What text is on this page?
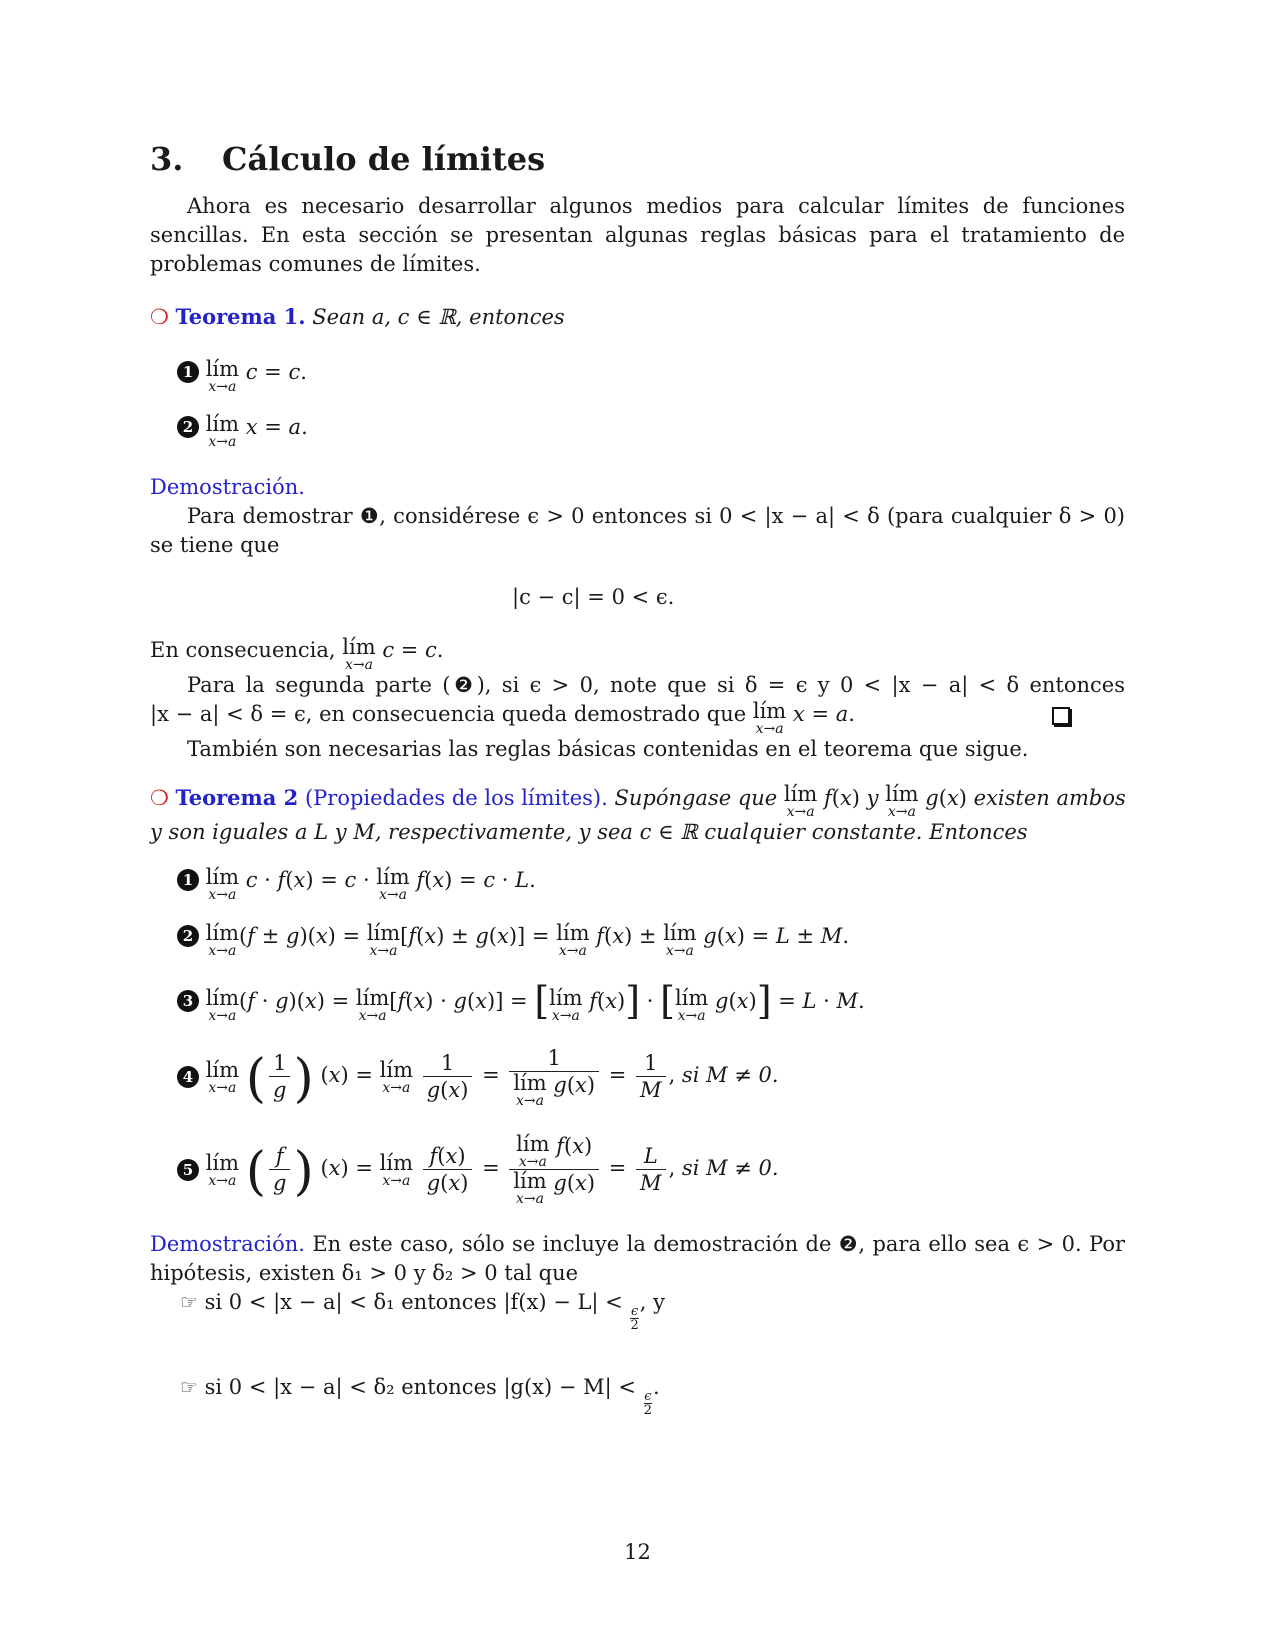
3. Cálculo de límites

Ahora es necesario desarrollar algunos medios para calcular límites de funciones sencillas. En esta sección se presentan algunas reglas básicas para el tratamiento de problemas comunes de límites.

❍ Teorema 1. Sean a, c ∈ ℝ, entonces
1 lím
x→a
c = c.
2 lím
x→a
x = a.
Demostración.

Para demostrar ❶, considérese ϵ > 0 entonces si 0 < |x − a| < δ (para cualquier δ > 0) se tiene que

|c − c| = 0 < ϵ.
En consecuencia, lím
x→a
c = c.
Para la segunda parte (❷), si ϵ > 0, note que si δ = ϵ y 0 < |x − a| < δ entonces
|x − a| < δ = ϵ, en consecuencia queda demostrado que lím
x→a
x = a.
También son necesarias las reglas básicas contenidas en el teorema que sigue.
❍ Teorema 2 (Propiedades de los límites). Supóngase que lím
x→a
f(x) y lím
x→a
g(x) existen ambos
y son iguales a L y M, respectivamente, y sea c ∈ ℝ cualquier constante. Entonces
1 lím
x→a
c · f(x) = c · lím
x→a
f(x) = c · L.
2 lím
x→a
(f ± g)(x) = lím
x→a
[f(x) ± g(x)] = lím
x→a
f(x) ± lím
x→a
g(x) = L ± M.
3 lím
x→a
(f · g)(x) = lím
x→a
[f(x) · g(x)] = [lím
x→a
f(x)] · [lím
x→a
g(x)] = L · M.
4 lím
x→a ( $\frac{1}{g}$ ) (x) = lím
x→a
$\frac{1}{g(x)} = 1$
lím
x→a
$g(x) = \frac{1}{M}$ , si M ≠ 0.
5 lím
x→a ( $\frac{f}{g}$ ) (x) = lím
x→a
$\frac{f(x)}{g(x)}$ = lím
x→a
f(x)
lím
x→a
$g(x) = \frac{L}{M}$ , si M ≠ 0.
Demostración. En este caso, sólo se incluye la demostración de ❷, para ello sea ϵ > 0. Por
hipótesis, existen δ₁ > 0 y δ₂ > 0 tal que
☞ si 0 < |x − a| < δ₁ entonces |f(x) − L| <
$\frac{\epsilon}{2}$
, y
☞ si 0 < |x − a| < δ₂ entonces |g(x) − M| <
$\frac{\epsilon}{2}$
.
12
